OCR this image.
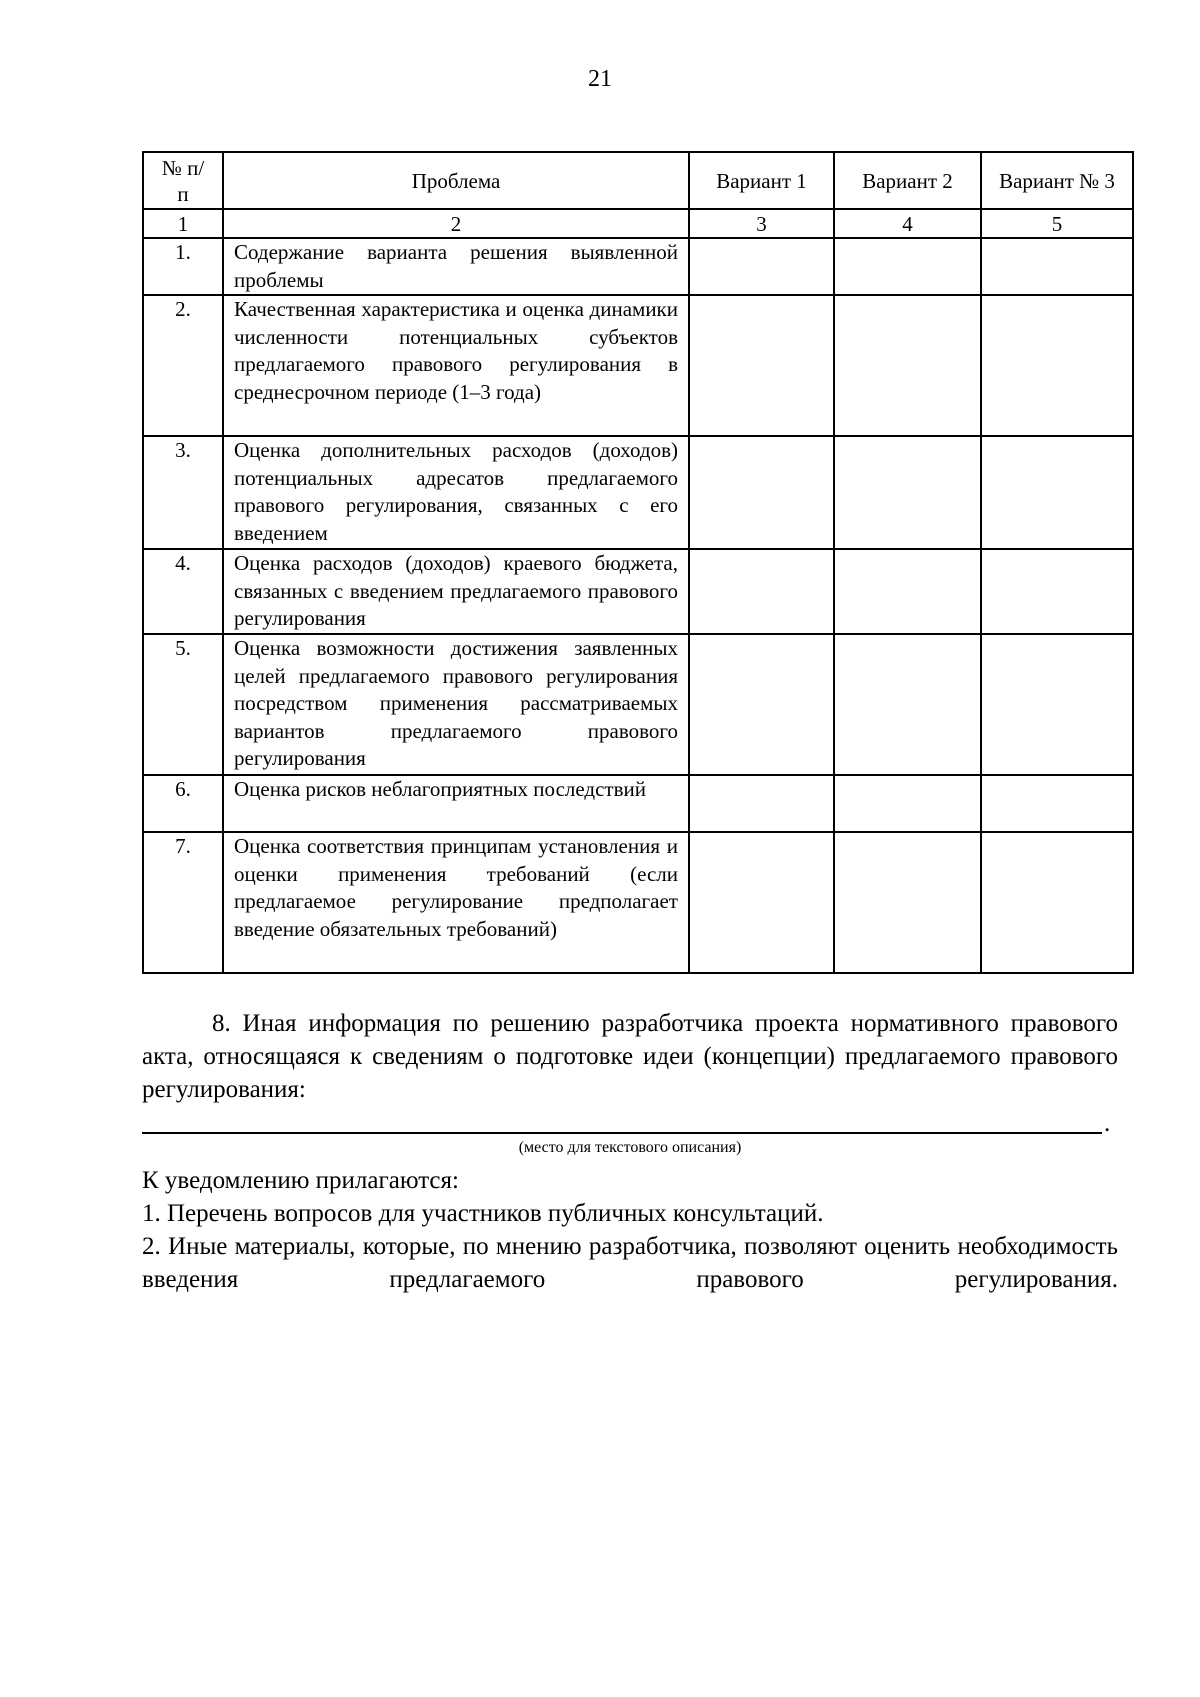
21
№ п/п	Проблема	Вариант 1	Вариант 2	Вариант № 3
1	2	3	4	5
1.	Содержание варианта решения выявленной проблемы			
2.	Качественная характеристика и оценка динамики численности потенциальных субъектов предлагаемого правового регулирования в среднесрочном периоде (1–3 года)			
3.	Оценка дополнительных расходов (доходов) потенциальных адресатов предлагаемого правового регулирования, связанных с его введением			
4.	Оценка расходов (доходов) краевого бюджета, связанных с введением предлагаемого правового регулирования			
5.	Оценка возможности достижения заявленных целей предлагаемого правового регулирования посредством применения рассматриваемых вариантов предлагаемого правового регулирования			
6.	Оценка рисков неблагоприятных последствий			
7.	Оценка соответствия принципам установления и оценки применения требований (если предлагаемое регулирование предполагает введение обязательных требований)			
8. Иная информация по решению разработчика проекта нормативного правового акта, относящаяся к сведениям о подготовке идеи (концепции) предлагаемого правового регулирования:
.
(место для текстового описания)
К уведомлению прилагаются:
1. Перечень вопросов для участников публичных консультаций.
2. Иные материалы, которые, по мнению разработчика, позволяют оценить необходимость введения предлагаемого правового регулирования.
